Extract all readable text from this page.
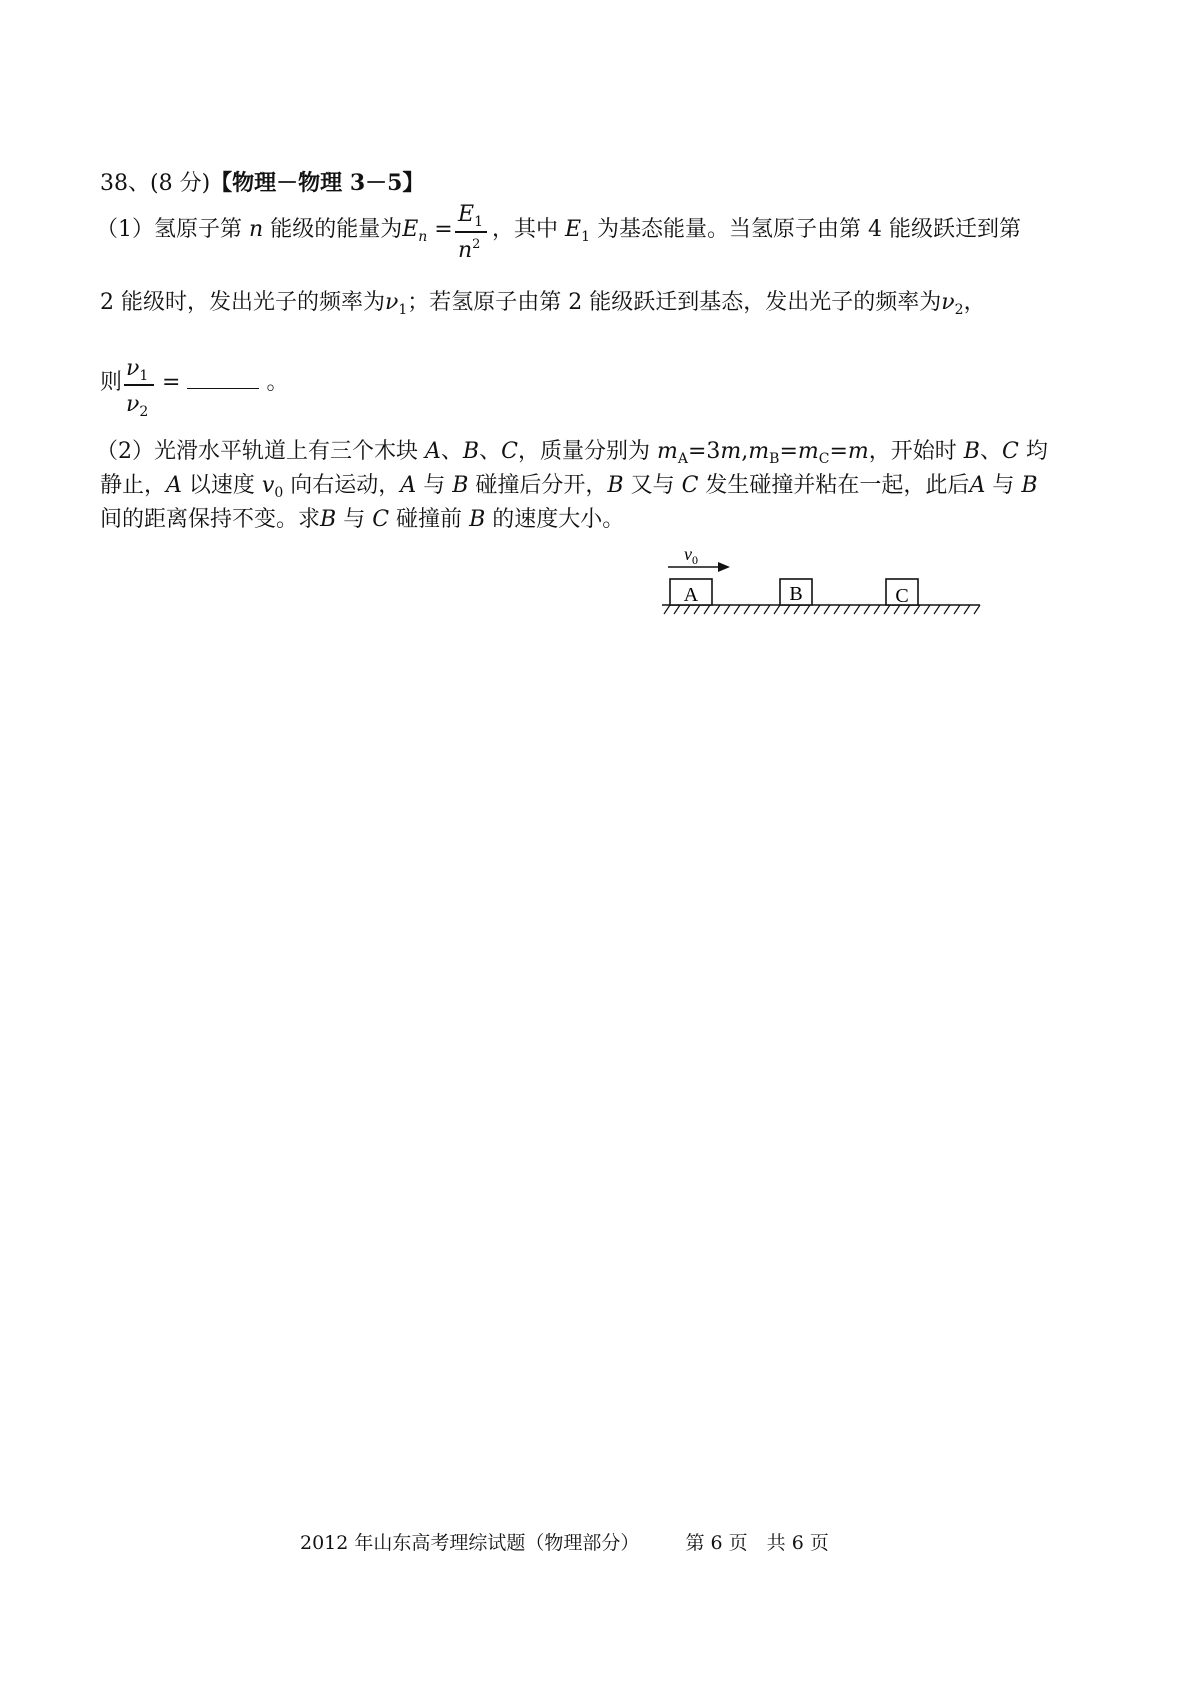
38、(8 分)【物理－物理 3－5】
（1）氢原子第 n 能级的能量为$E_n$ =
$E_1$
$n^2$
，其中 $E_1$ 为基态能量。当氢原子由第 4 能级跃迁到第
2 能级时，发出光子的频率为$\nu_1$；若氢原子由第 2 能级跃迁到基态，发出光子的频率为$\nu_2$，
则
$\nu_1$
$\nu_2$
=	。
（2）光滑水平轨道上有三个木块 A、B、C，质量分别为 $m_A=3m,m_B=m_C=m$，开始时 B、C 均
静止，A 以速度 $v_0$ 向右运动，A 与 B 碰撞后分开，B 又与 C 发生碰撞并粘在一起，此后A 与 B
间的距离保持不变。求B 与 C 碰撞前 B 的速度大小。
A	B	C
$v_0$
2012 年山东高考理综试题（物理部分） 第 6 页　共 6 页
